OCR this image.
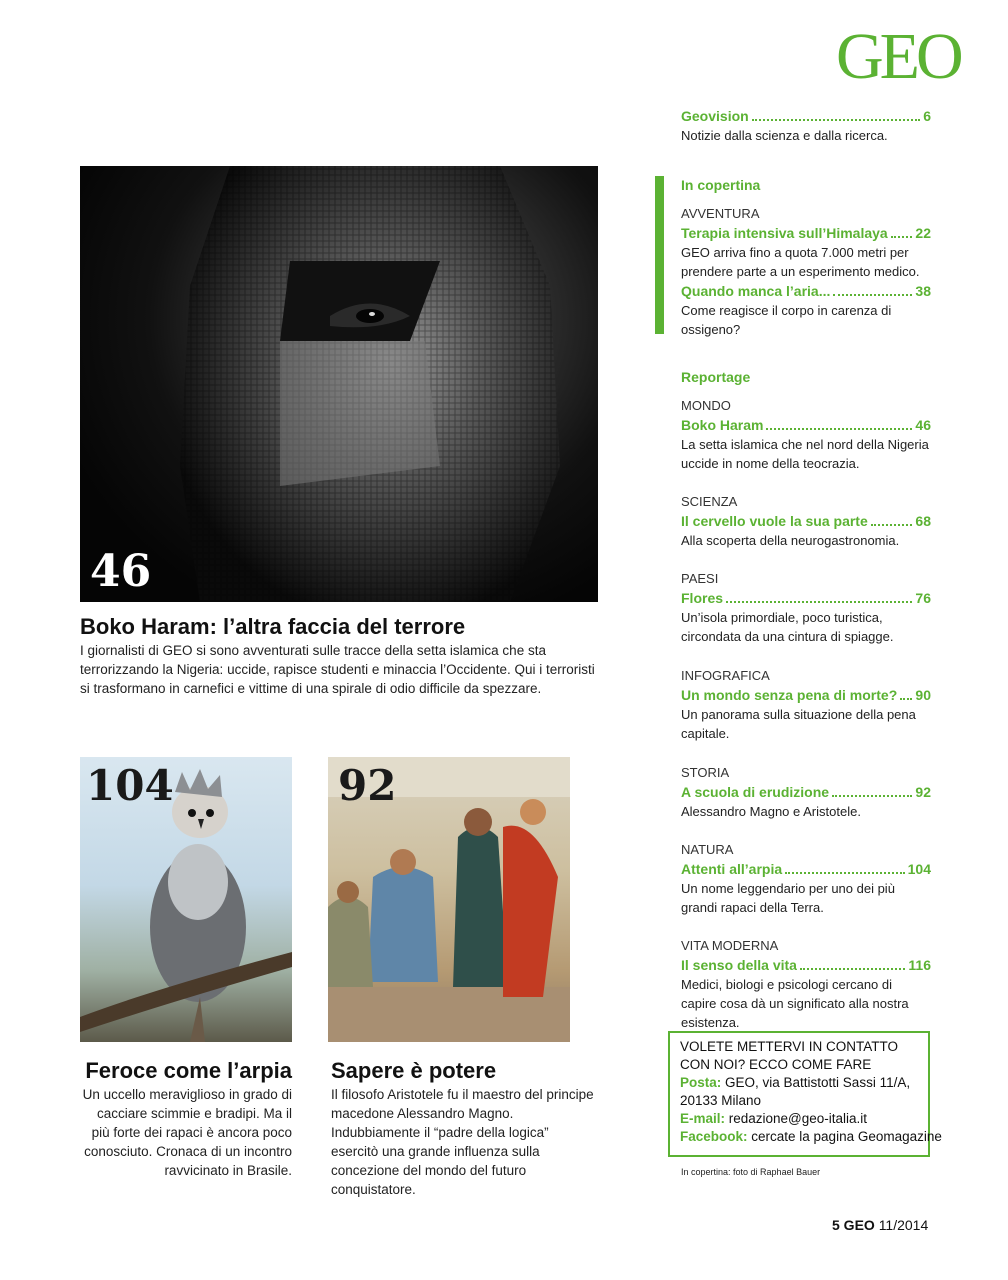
GEO
Geovision	6
Notizie dalla scienza e dalla ricerca.
In copertina
AVVENTURA
Terapia intensiva sull’Himalaya 22
GEO arriva fino a quota 7.000 metri per prendere parte a un esperimento medico.
Quando manca l’aria...	38
Come reagisce il corpo in carenza di ossigeno?
Reportage
MONDO
Boko Haram	46
La setta islamica che nel nord della Nigeria uccide in nome della teocrazia.
SCIENZA
Il cervello vuole la sua parte	68
Alla scoperta della neurogastronomia.
PAESI
Flores	76
Un’isola primordiale, poco turistica, circondata da una cintura di spiagge.
INFOGRAFICA
Un mondo senza pena di morte? 90
Un panorama sulla situazione della pena capitale.
STORIA
A scuola di erudizione	92
Alessandro Magno e Aristotele.
NATURA
Attenti all’arpia	104
Un nome leggendario per uno dei più grandi rapaci della Terra.
VITA MODERNA
Il senso della vita	116
Medici, biologi e psicologi cercano di capire cosa dà un significato alla nostra esistenza.
46
Boko Haram: l’altra faccia del terrore
I giornalisti di GEO si sono avventurati sulle tracce della setta islamica che sta terrorizzando la Nigeria: uccide, rapisce studenti e minaccia l’Occidente. Qui i terroristi si trasformano in carnefici e vittime di una spirale di odio difficile da spezzare.
104
Feroce come l’arpia
Un uccello meraviglioso in grado di cacciare scimmie e bradipi. Ma il più forte dei rapaci è ancora poco conosciuto. Cronaca di un incontro ravvicinato in Brasile.
92
Sapere è potere
Il filosofo Aristotele fu il maestro del principe macedone Alessandro Magno. Indubbiamente il “padre della logica” esercitò una grande influenza sulla concezione del mondo del futuro conquistatore.
VOLETE METTERVI IN CONTATTO
CON NOI? ECCO COME FARE
Posta: GEO, via Battistotti Sassi 11/A,
20133 Milano
E-mail: redazione@geo-italia.it
Facebook: cercate la pagina Geomagazine
In copertina: foto di Raphael Bauer
5 GEO 11/2014
